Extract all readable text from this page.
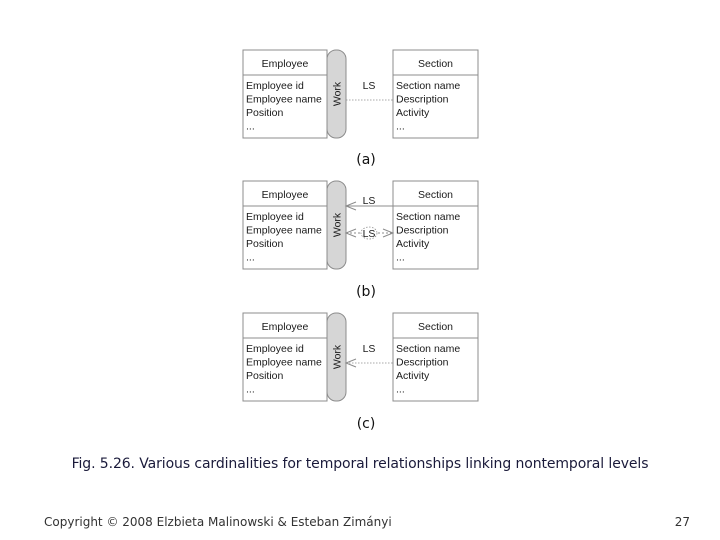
Employee
Employee id
Employee name
Position
...
Work
Section
Section name
Description
Activity
...
LS
Employee
Employee id
Employee name
Position
...
Work
Section
Section name
Description
Activity
...
LS
LS
Employee
Employee id
Employee name
Position
...
Work
Section
Section name
Description
Activity
...
LS
(a)
(b)
(c)
Fig. 5.26. Various cardinalities for temporal relationships linking nontemporal levels
Copyright © 2008 Elzbieta Malinowski & Esteban Zimányi	27
